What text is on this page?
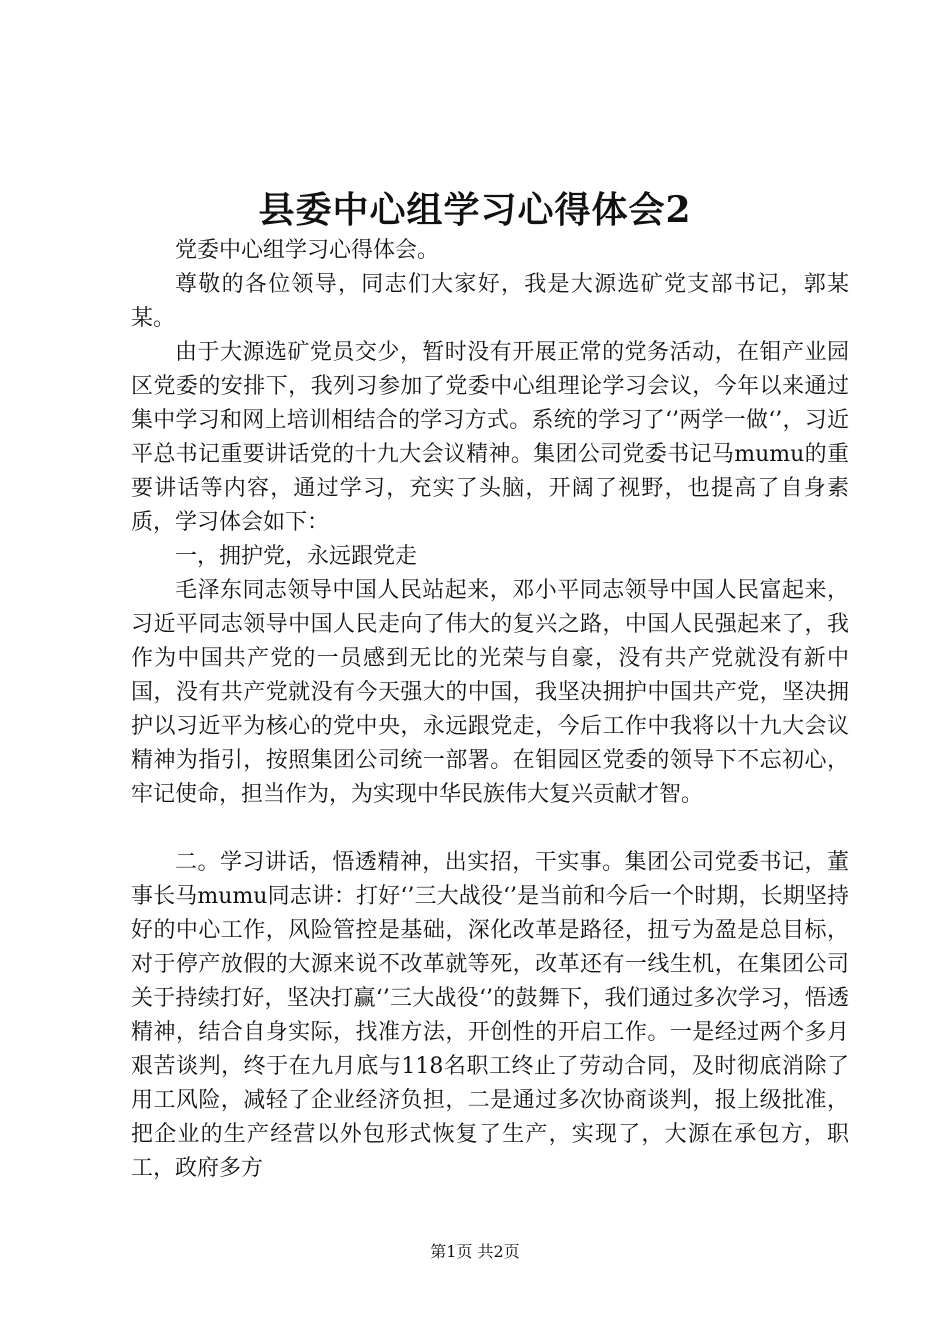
县委中心组学习心得体会2

党委中心组学习心得体会。

尊敬的各位领导，同志们大家好，我是大源选矿党支部书记，郭某某。

由于大源选矿党员交少，暂时没有开展正常的党务活动，在钼产业园区党委的安排下，我列习参加了党委中心组理论学习会议，今年以来通过集中学习和网上培训相结合的学习方式。系统的学习了‘’两学一做‘’，习近平总书记重要讲话党的十九大会议精神。集团公司党委书记马mumu的重要讲话等内容，通过学习，充实了头脑，开阔了视野，也提高了自身素质，学习体会如下：

一，拥护党，永远跟党走

毛泽东同志领导中国人民站起来，邓小平同志领导中国人民富起来，习近平同志领导中国人民走向了伟大的复兴之路，中国人民强起来了，我作为中国共产党的一员感到无比的光荣与自豪，没有共产党就没有新中国，没有共产党就没有今天强大的中国，我坚决拥护中国共产党，坚决拥护以习近平为核心的党中央，永远跟党走，今后工作中我将以十九大会议精神为指引，按照集团公司统一部署。在钼园区党委的领导下不忘初心，牢记使命，担当作为，为实现中华民族伟大复兴贡献才智。

二。学习讲话，悟透精神，出实招，干实事。集团公司党委书记，董事长马mumu同志讲：打好‘’三大战役‘’是当前和今后一个时期，长期坚持好的中心工作，风险管控是基础，深化改革是路径，扭亏为盈是总目标，对于停产放假的大源来说不改革就等死，改革还有一线生机，在集团公司关于持续打好，坚决打赢‘’三大战役‘’的鼓舞下，我们通过多次学习，悟透精神，结合自身实际，找准方法，开创性的开启工作。一是经过两个多月艰苦谈判，终于在九月底与118名职工终止了劳动合同，及时彻底消除了用工风险，减轻了企业经济负担，二是通过多次协商谈判，报上级批准，把企业的生产经营以外包形式恢复了生产，实现了，大源在承包方，职工，政府多方

第1页 共2页
